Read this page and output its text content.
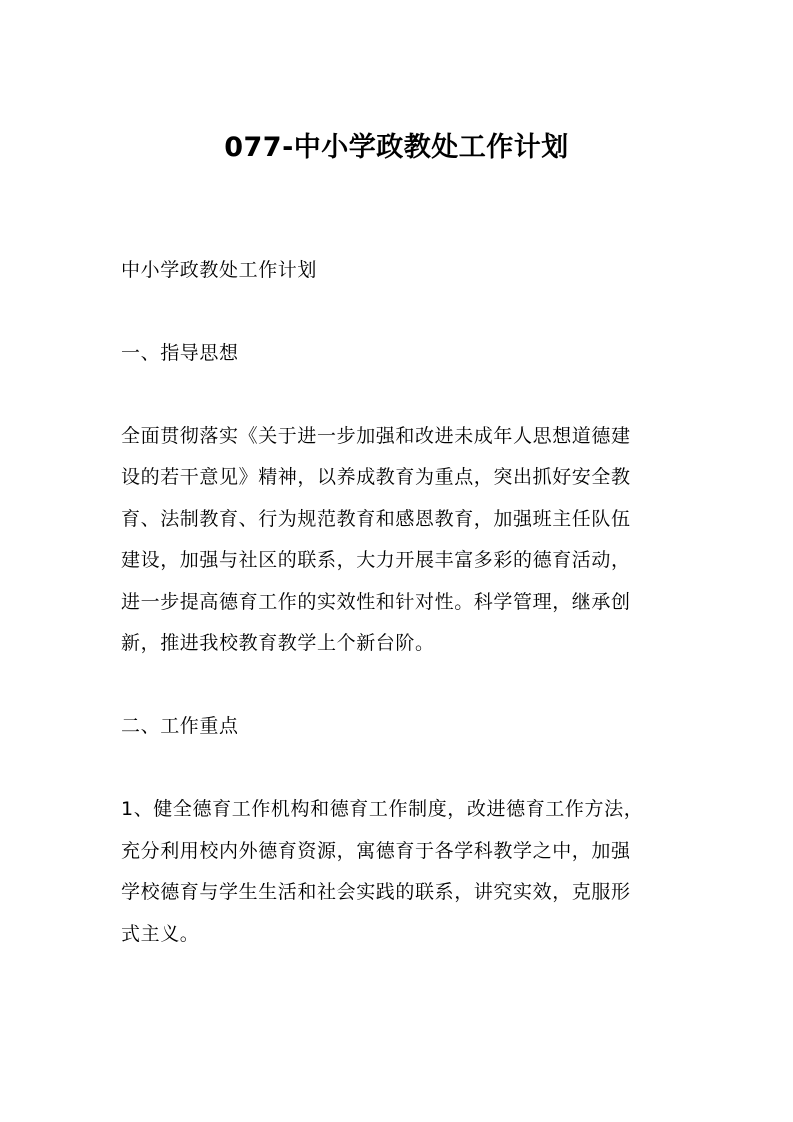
077-中小学政教处工作计划
中小学政教处工作计划
一、指导思想
全面贯彻落实《关于进一步加强和改进未成年人思想道德建
设的若干意见》精神，以养成教育为重点，突出抓好安全教
育、法制教育、行为规范教育和感恩教育，加强班主任队伍
建设，加强与社区的联系，大力开展丰富多彩的德育活动，
进一步提高德育工作的实效性和针对性。科学管理，继承创
新，推进我校教育教学上个新台阶。
二、工作重点
1、健全德育工作机构和德育工作制度，改进德育工作方法，
充分利用校内外德育资源，寓德育于各学科教学之中，加强
学校德育与学生生活和社会实践的联系，讲究实效，克服形
式主义。
